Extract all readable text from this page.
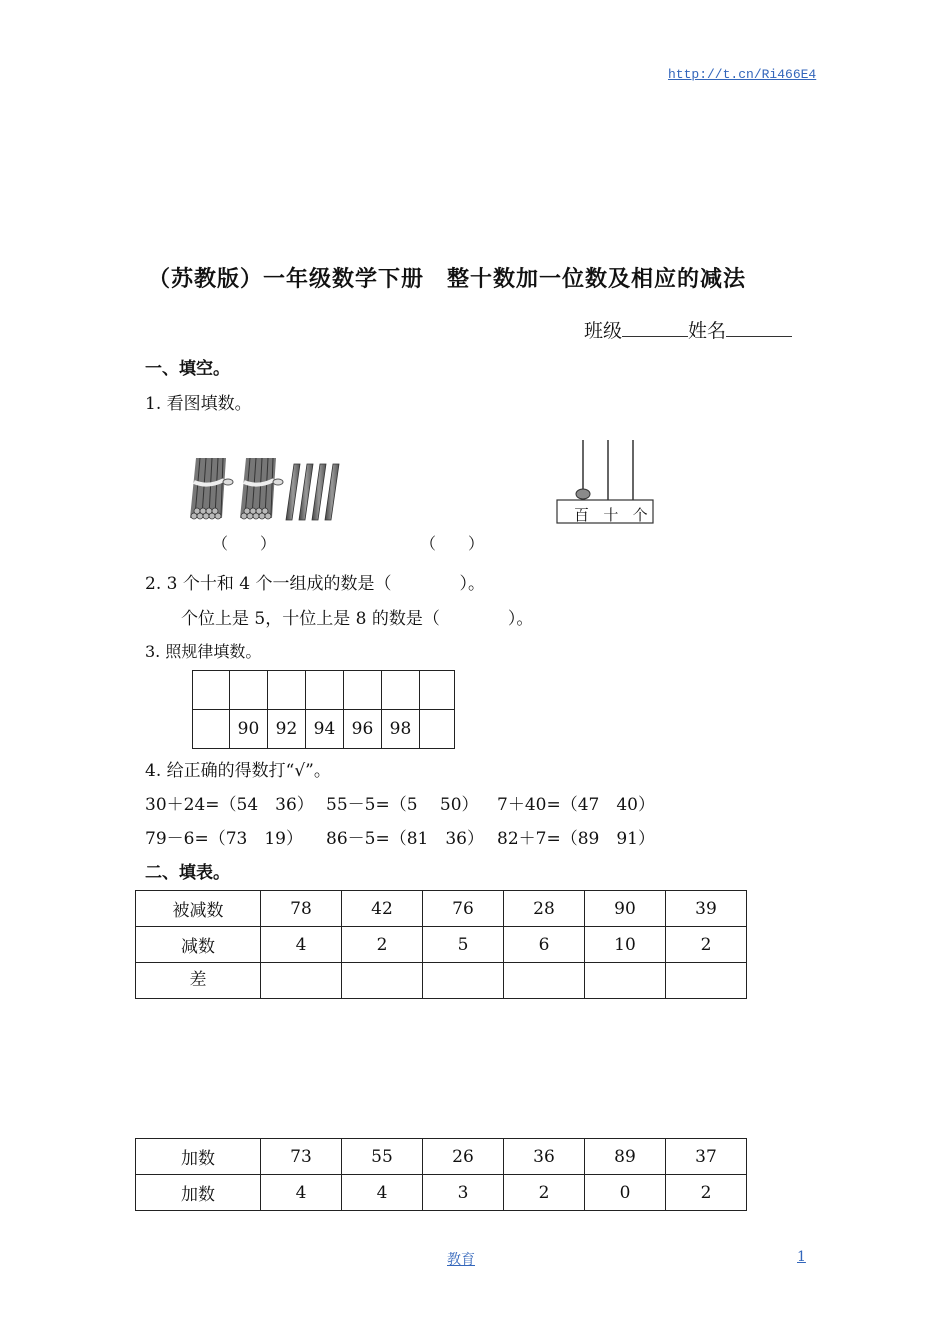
http://t.cn/Ri466E4
（苏教版）一年级数学下册　整十数加一位数及相应的减法
班级	姓名
一、填空。
1. 看图填数。
百 十 个
（　　）	（　　）
2. 3 个十和 4 个一组成的数是（　　　　）。
个位上是 5，十位上是 8 的数是（　　　　）。
3. 照规律填数。

	90	92	94	96	98	
4. 给正确的得数打“√”。
30＋24=（54　36） 55－5=（5　 50） 7＋40=（47　40）
79－6=（73　19） 86－5=（81　36） 82＋7=（89　91）
二、填表。
被减数	78	42	76	28	90	39
减数	4	2	5	6	10	2
差						
加数	73	55	26	36	89	37
加数	4	4	3	2	0	2
教育	1
